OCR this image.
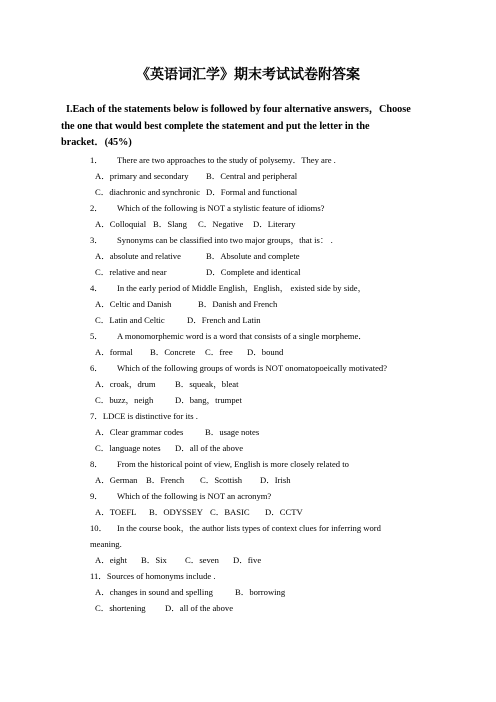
《英语词汇学》期末考试试卷附答案
I.Each of the statements below is followed by four alternative answers，Choose
the one that would best complete the statement and put the letter in the
bracket．(45%)
1． There are two approaches to the study of polysemy．They are .
A．primary and secondary B．Central and peripheral
C．diachronic and synchronic D．Formal and functional
2． Which of the following is NOT a stylistic feature of idioms?
A．Colloquial B．Slang C．Negative D．Literary
3． Synonyms can be classified into two major groups，that is： .
A．absolute and relative	B．Absolute and complete
C．relative and near	D．Complete and identical
4． In the early period of Middle English，English， existed side by side，
A．Celtic and Danish	B．Danish and French
C．Latin and Celtic	D．French and Latin
5． A monomorphemic word is a word that consists of a single morpheme．
A．formal B．Concrete C．free D．bound
6． Which of the following groups of words is NOT onomatopoeically motivated?
A．croak，drum B．squeak，bleat
C．buzz，neigh	D．bang，trumpet
7．LDCE is distinctive for its .
A．Clear grammar codes	B．usage notes
C．language notes D．all of the above
8． From the historical point of view, English is more closely related to
A．German B．French C．Scottish D．Irish
9． Which of the following is NOT an acronym?
A．TOEFL B．ODYSSEY C．BASIC D．CCTV
10． In the course book，the author lists types of context clues for inferring word
meaning.
A．eight B．Six C．seven D．five
11．Sources of homonyms include .
A．changes in sound and spelling	B．borrowing
C．shortening D．all of the above
